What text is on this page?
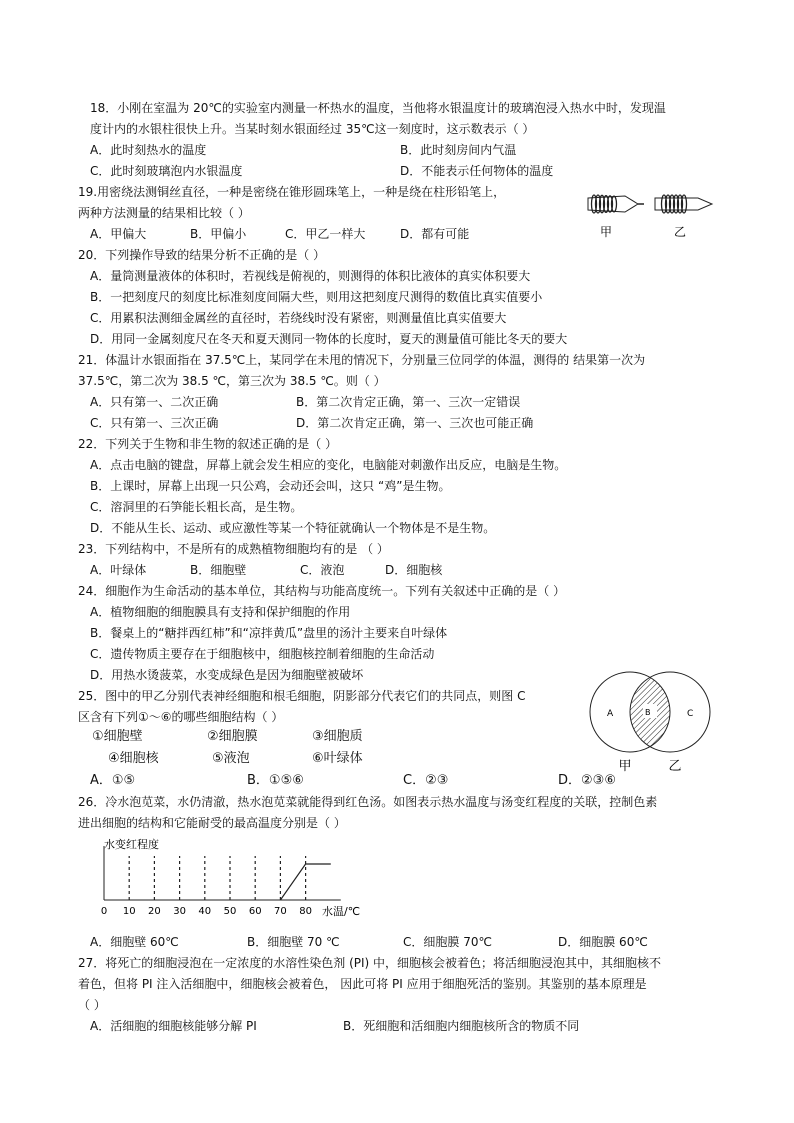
18．小刚在室温为 20℃的实验室内测量一杯热水的温度，当他将水银温度计的玻璃泡浸入热水中时，发现温
度计内的水银柱很快上升。当某时刻水银面经过 35℃这一刻度时，这示数表示（ ）
A．此时刻热水的温度	B．此时刻房间内气温
C．此时刻玻璃泡内水银温度	D．不能表示任何物体的温度
19.用密绕法测铜丝直径，一种是密绕在锥形圆珠笔上，一种是绕在柱形铅笔上，
两种方法测量的结果相比较（ ）
A．甲偏大	B．甲偏小	C．甲乙一样大	D．都有可能	甲	乙
20．下列操作导致的结果分析不正确的是（ ）
A．量筒测量液体的体积时，若视线是俯视的，则测得的体积比液体的真实体积要大
B．一把刻度尺的刻度比标准刻度间隔大些，则用这把刻度尺测得的数值比真实值要小
C．用累积法测细金属丝的直径时，若绕线时没有紧密，则测量值比真实值要大
D．用同一金属刻度尺在冬天和夏天测同一物体的长度时，夏天的测量值可能比冬天的要大
21．体温计水银面指在 37.5℃上，某同学在未甩的情况下，分别量三位同学的体温，测得的 结果第一次为
37.5℃，第二次为 38.5 ℃，第三次为 38.5 ℃。则（ ）
A．只有第一、二次正确	B．第二次肯定正确，第一、三次一定错误
C．只有第一、三次正确	D．第二次肯定正确，第一、三次也可能正确
22．下列关于生物和非生物的叙述正确的是（ ）
A．点击电脑的键盘，屏幕上就会发生相应的变化，电脑能对刺激作出反应，电脑是生物。
B．上课时，屏幕上出现一只公鸡，会动还会叫，这只 “鸡”是生物。
C．溶洞里的石笋能长粗长高，是生物。
D．不能从生长、运动、或应激性等某一个特征就确认一个物体是不是生物。
23．下列结构中，不是所有的成熟植物细胞均有的是 （ ）
A．叶绿体	B．细胞壁	C．液泡	D．细胞核
24．细胞作为生命活动的基本单位，其结构与功能高度统一。下列有关叙述中正确的是（ ）
A．植物细胞的细胞膜具有支持和保护细胞的作用
B．餐桌上的“糖拌西红柿”和“凉拌黄瓜”盘里的汤汁主要来自叶绿体
C．遗传物质主要存在于细胞核中，细胞核控制着细胞的生命活动
D．用热水烫菠菜，水变成绿色是因为细胞壁被破坏
25．图中的甲乙分别代表神经细胞和根毛细胞，阴影部分代表它们的共同点，则图 C
区含有下列①～⑥的哪些细胞结构（ ）
①细胞壁	②细胞膜	③细胞质
④细胞核	⑤液泡	⑥叶绿体
A．①⑤	B．①⑤⑥	C．②③	D．②③⑥
A	B	C
甲	乙
26．冷水泡苋菜，水仍清澈，热水泡苋菜就能得到红色汤。如图表示热水温度与汤变红程度的关联，控制色素
进出细胞的结构和它能耐受的最高温度分别是（ ）
水变红程度
水温/℃
0 10 20 30 40 50 60 70 80
A．细胞壁 60℃	B．细胞壁 70 ℃	C．细胞膜 70℃	D．细胞膜 60℃
27．将死亡的细胞浸泡在一定浓度的水溶性染色剂 (PI) 中，细胞核会被着色；将活细胞浸泡其中，其细胞核不
着色，但将 PI 注入活细胞中，细胞核会被着色， 因此可将 PI 应用于细胞死活的鉴别。其鉴别的基本原理是
（ ）
A．活细胞的细胞核能够分解 PI	B．死细胞和活细胞内细胞核所含的物质不同
